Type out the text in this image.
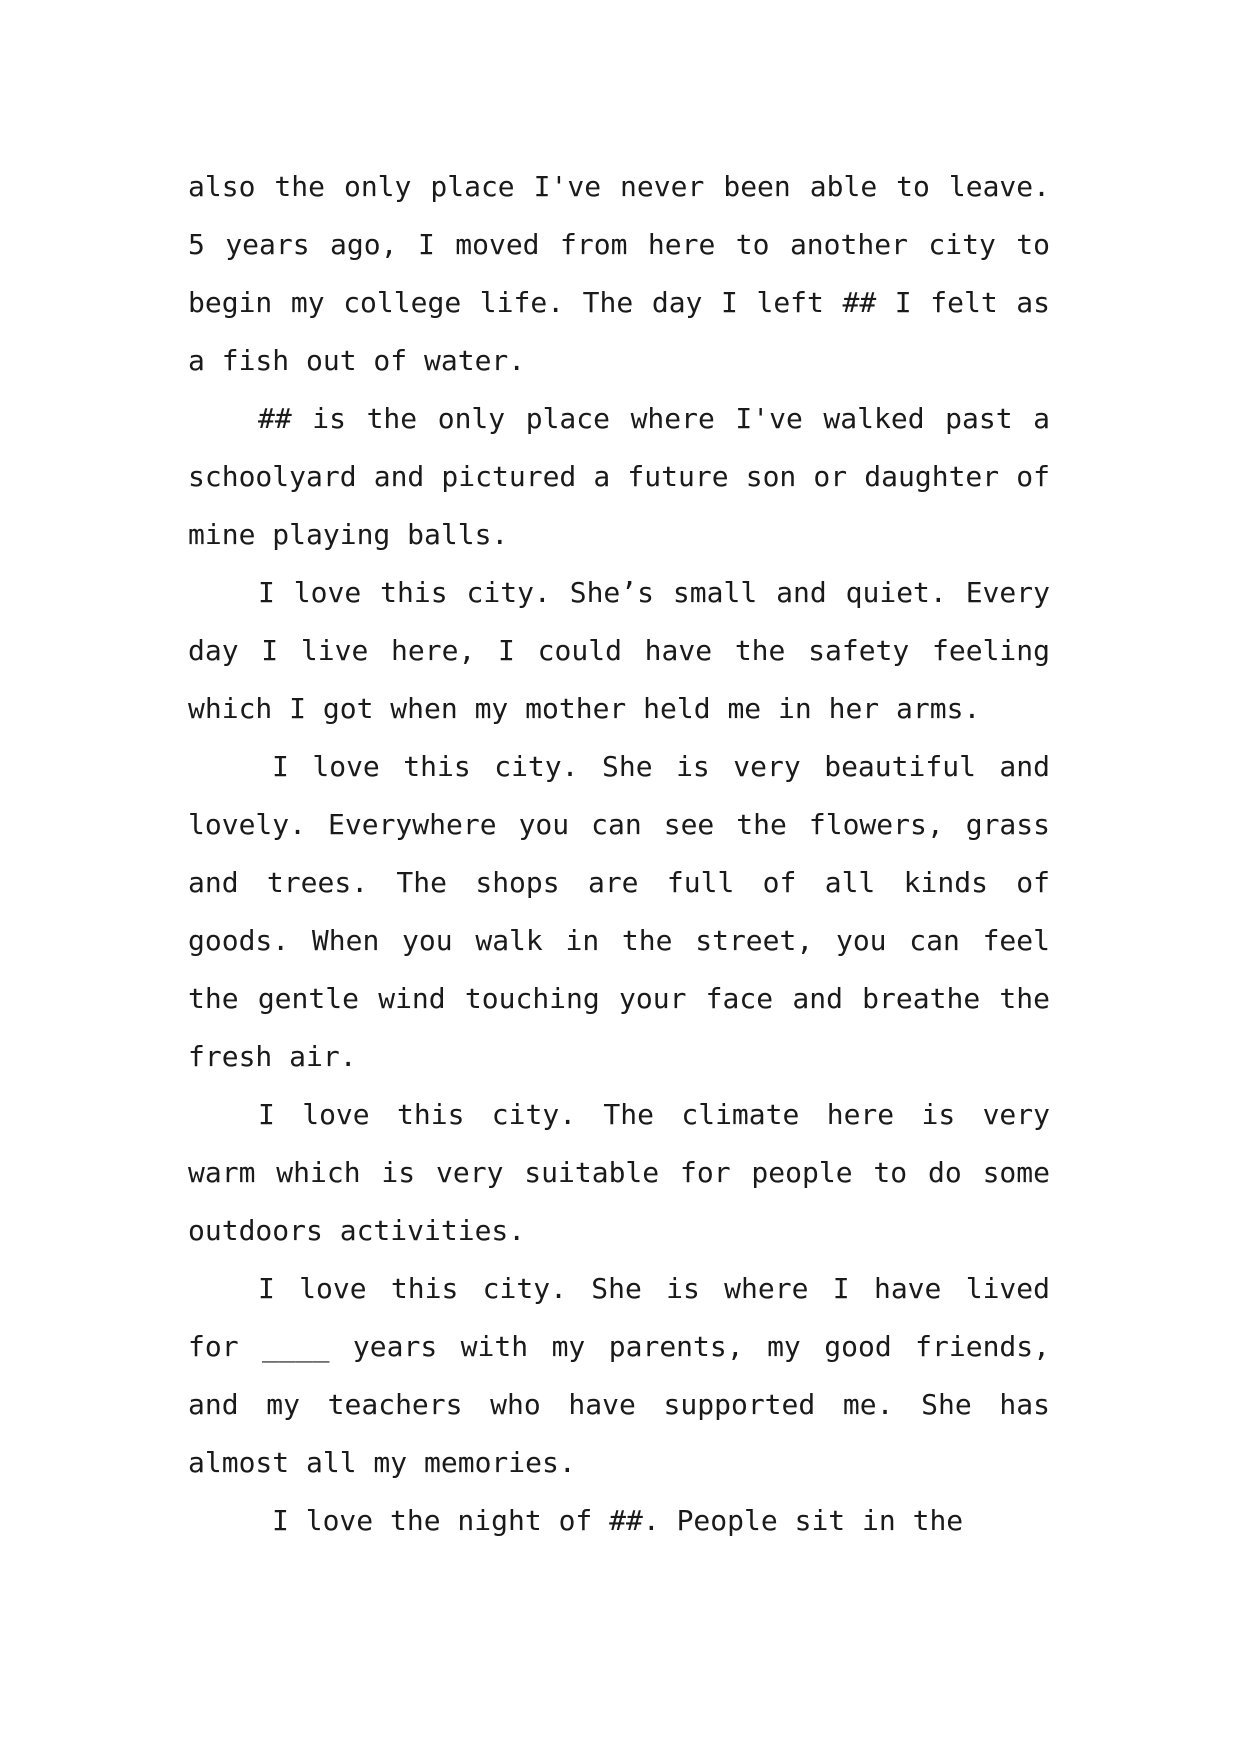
also the only place I've never been able to leave. 5 years ago, I moved from here to another city to begin my college life. The day I left ## I felt as a fish out of water.

## is the only place where I've walked past a schoolyard and pictured a future son or daughter of mine playing balls.

I love this city. She’s small and quiet. Every day I live here, I could have the safety feeling which I got when my mother held me in her arms.

I love this city. She is very beautiful and lovely. Everywhere you can see the flowers, grass and trees. The shops are full of all kinds of goods. When you walk in the street, you can feel the gentle wind touching your face and breathe the fresh air.

I love this city. The climate here is very warm which is very suitable for people to do some outdoors activities.

I love this city. She is where I have lived for ____ years with my parents, my good friends, and my teachers who have supported me. She has almost all my memories.

I love the night of ##. People sit in the
